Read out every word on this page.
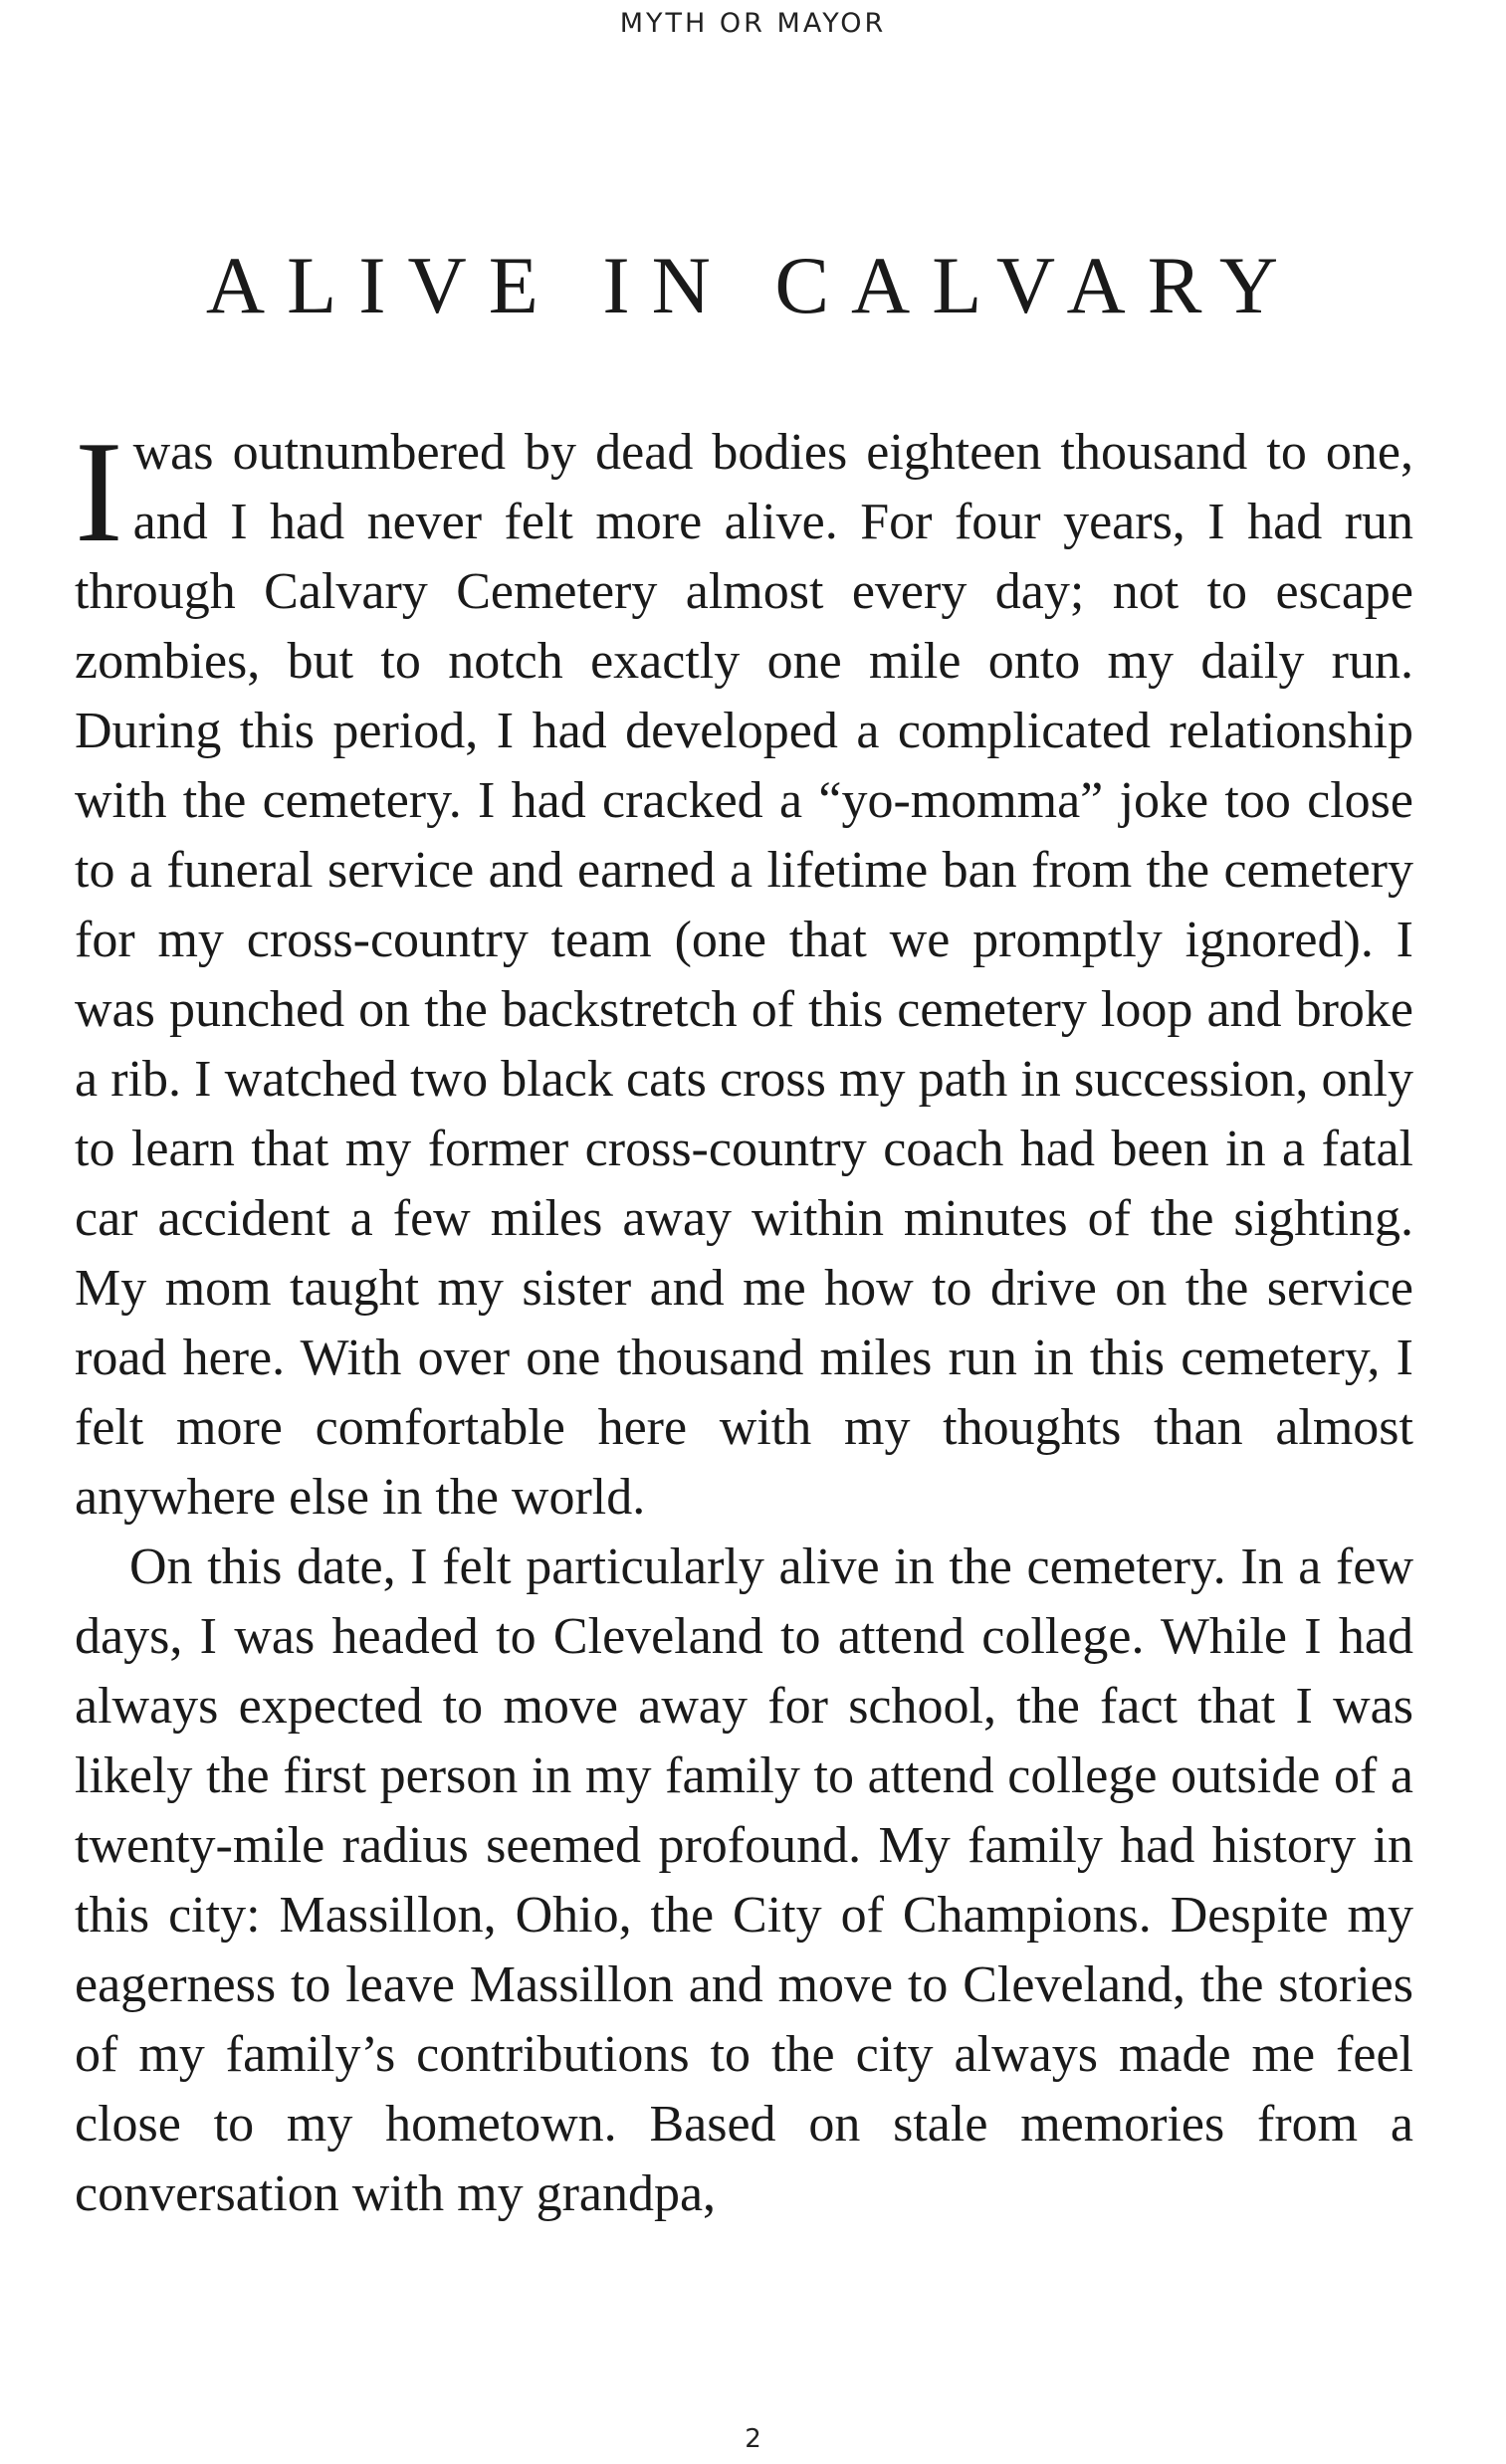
MYTH OR MAYOR
ALIVE IN CALVARY

Iwas outnumbered by dead bodies eighteen thousand to one, and I had never felt more alive. For four years, I had run through Calvary Cemetery almost every day; not to escape zombies, but to notch exactly one mile onto my daily run. During this period, I had developed a complicated relationship with the cemetery. I had cracked a “yo-momma” joke too close to a funeral service and earned a lifetime ban from the cemetery for my cross-country team (one that we promptly ignored). I was punched on the backstretch of this cemetery loop and broke a rib. I watched two black cats cross my path in succession, only to learn that my former cross-country coach had been in a fatal car accident a few miles away within minutes of the sighting. My mom taught my sister and me how to drive on the service road here. With over one thousand miles run in this cemetery, I felt more comfortable here with my thoughts than almost anywhere else in the world.

On this date, I felt particularly alive in the cemetery. In a few days, I was headed to Cleveland to attend college. While I had always expected to move away for school, the fact that I was likely the first person in my family to attend college outside of a twenty-mile radius seemed profound. My family had history in this city: Massillon, Ohio, the City of Champions. Despite my eagerness to leave Massillon and move to Cleveland, the stories of my family’s contributions to the city always made me feel close to my hometown. Based on stale memories from a conversation with my grandpa,

2
